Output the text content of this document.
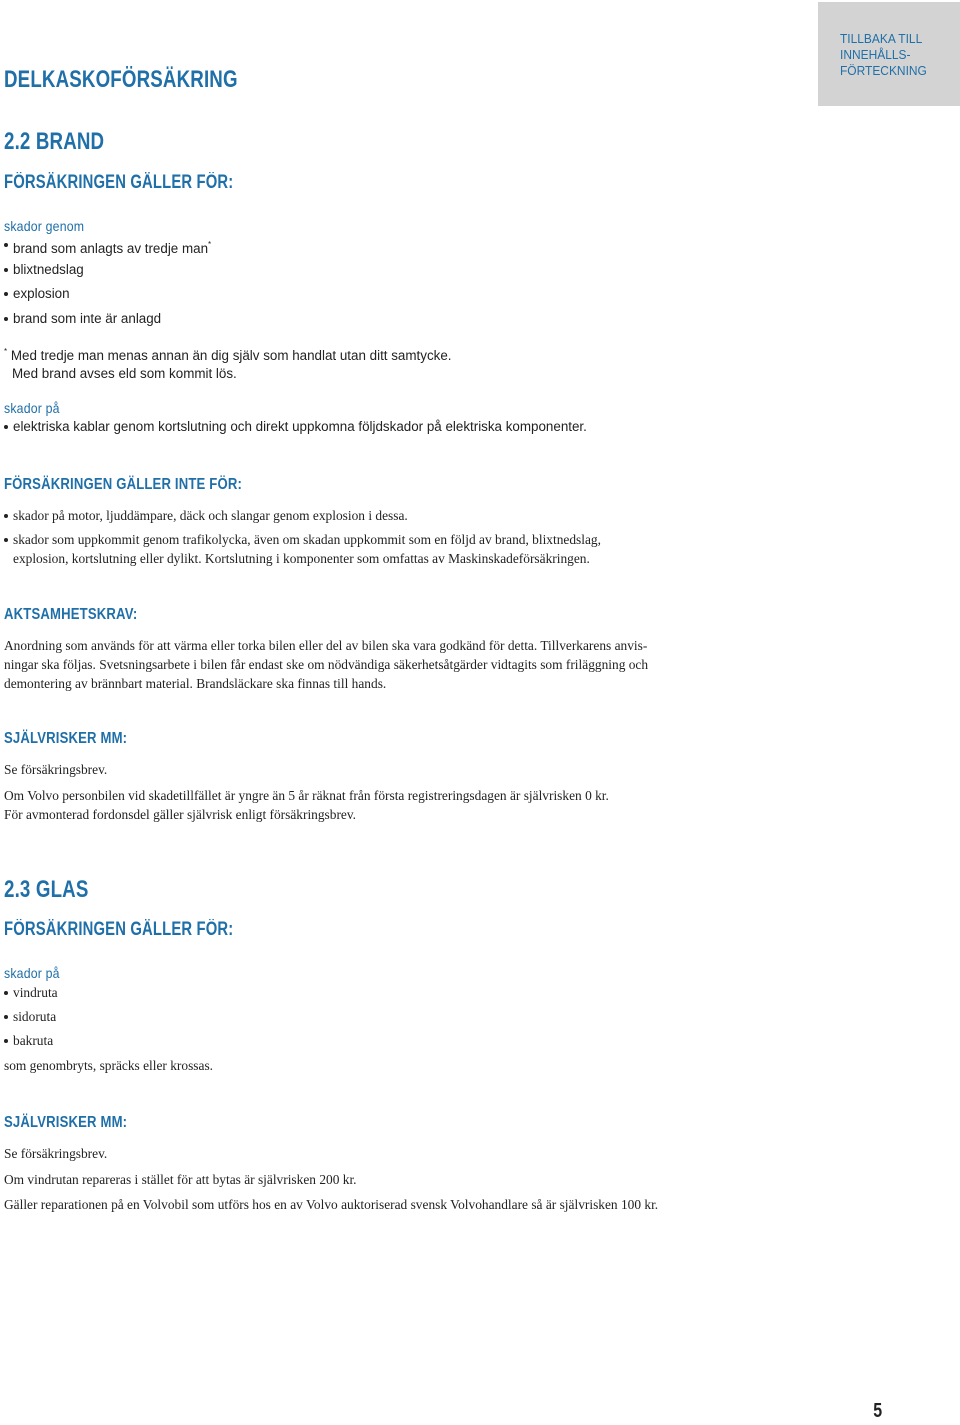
DELKASKOFÖRSÄKRING
TILLBAKA TILL
INNEHÅLLS-
FÖRTECKNING
2.2 BRAND
FÖRSÄKRINGEN GÄLLER FÖR:
skador genom
brand som anlagts av tredje man*
blixtnedslag
explosion
brand som inte är anlagd
* Med tredje man menas annan än dig själv som handlat utan ditt samtycke.
Med brand avses eld som kommit lös.
skador på
elektriska kablar genom kortslutning och direkt uppkomna följdskador på elektriska komponenter.
FÖRSÄKRINGEN GÄLLER INTE FÖR:
skador på motor, ljuddämpare, däck och slangar genom explosion i dessa.
skador som uppkommit genom trafikolycka, även om skadan uppkommit som en följd av brand, blixtnedslag,
explosion, kortslutning eller dylikt. Kortslutning i komponenter som omfattas av Maskinskadeförsäkringen.
AKTSAMHETSKRAV:
Anordning som används för att värma eller torka bilen eller del av bilen ska vara godkänd för detta. Tillverkarens anvis-
ningar ska följas. Svetsningsarbete i bilen får endast ske om nödvändiga säkerhetsåtgärder vidtagits som friläggning och
demontering av brännbart material. Brandsläckare ska finnas till hands.
SJÄLVRISKER MM:
Se försäkringsbrev.
Om Volvo personbilen vid skadetillfället är yngre än 5 år räknat från första registreringsdagen är självrisken 0 kr.
För avmonterad fordonsdel gäller självrisk enligt försäkringsbrev.
2.3 GLAS
FÖRSÄKRINGEN GÄLLER FÖR:
skador på
vindruta
sidoruta
bakruta
som genombryts, spräcks eller krossas.
SJÄLVRISKER MM:
Se försäkringsbrev.
Om vindrutan repareras i stället för att bytas är självrisken 200 kr.
Gäller reparationen på en Volvobil som utförs hos en av Volvo auktoriserad svensk Volvohandlare så är självrisken 100 kr.
5
